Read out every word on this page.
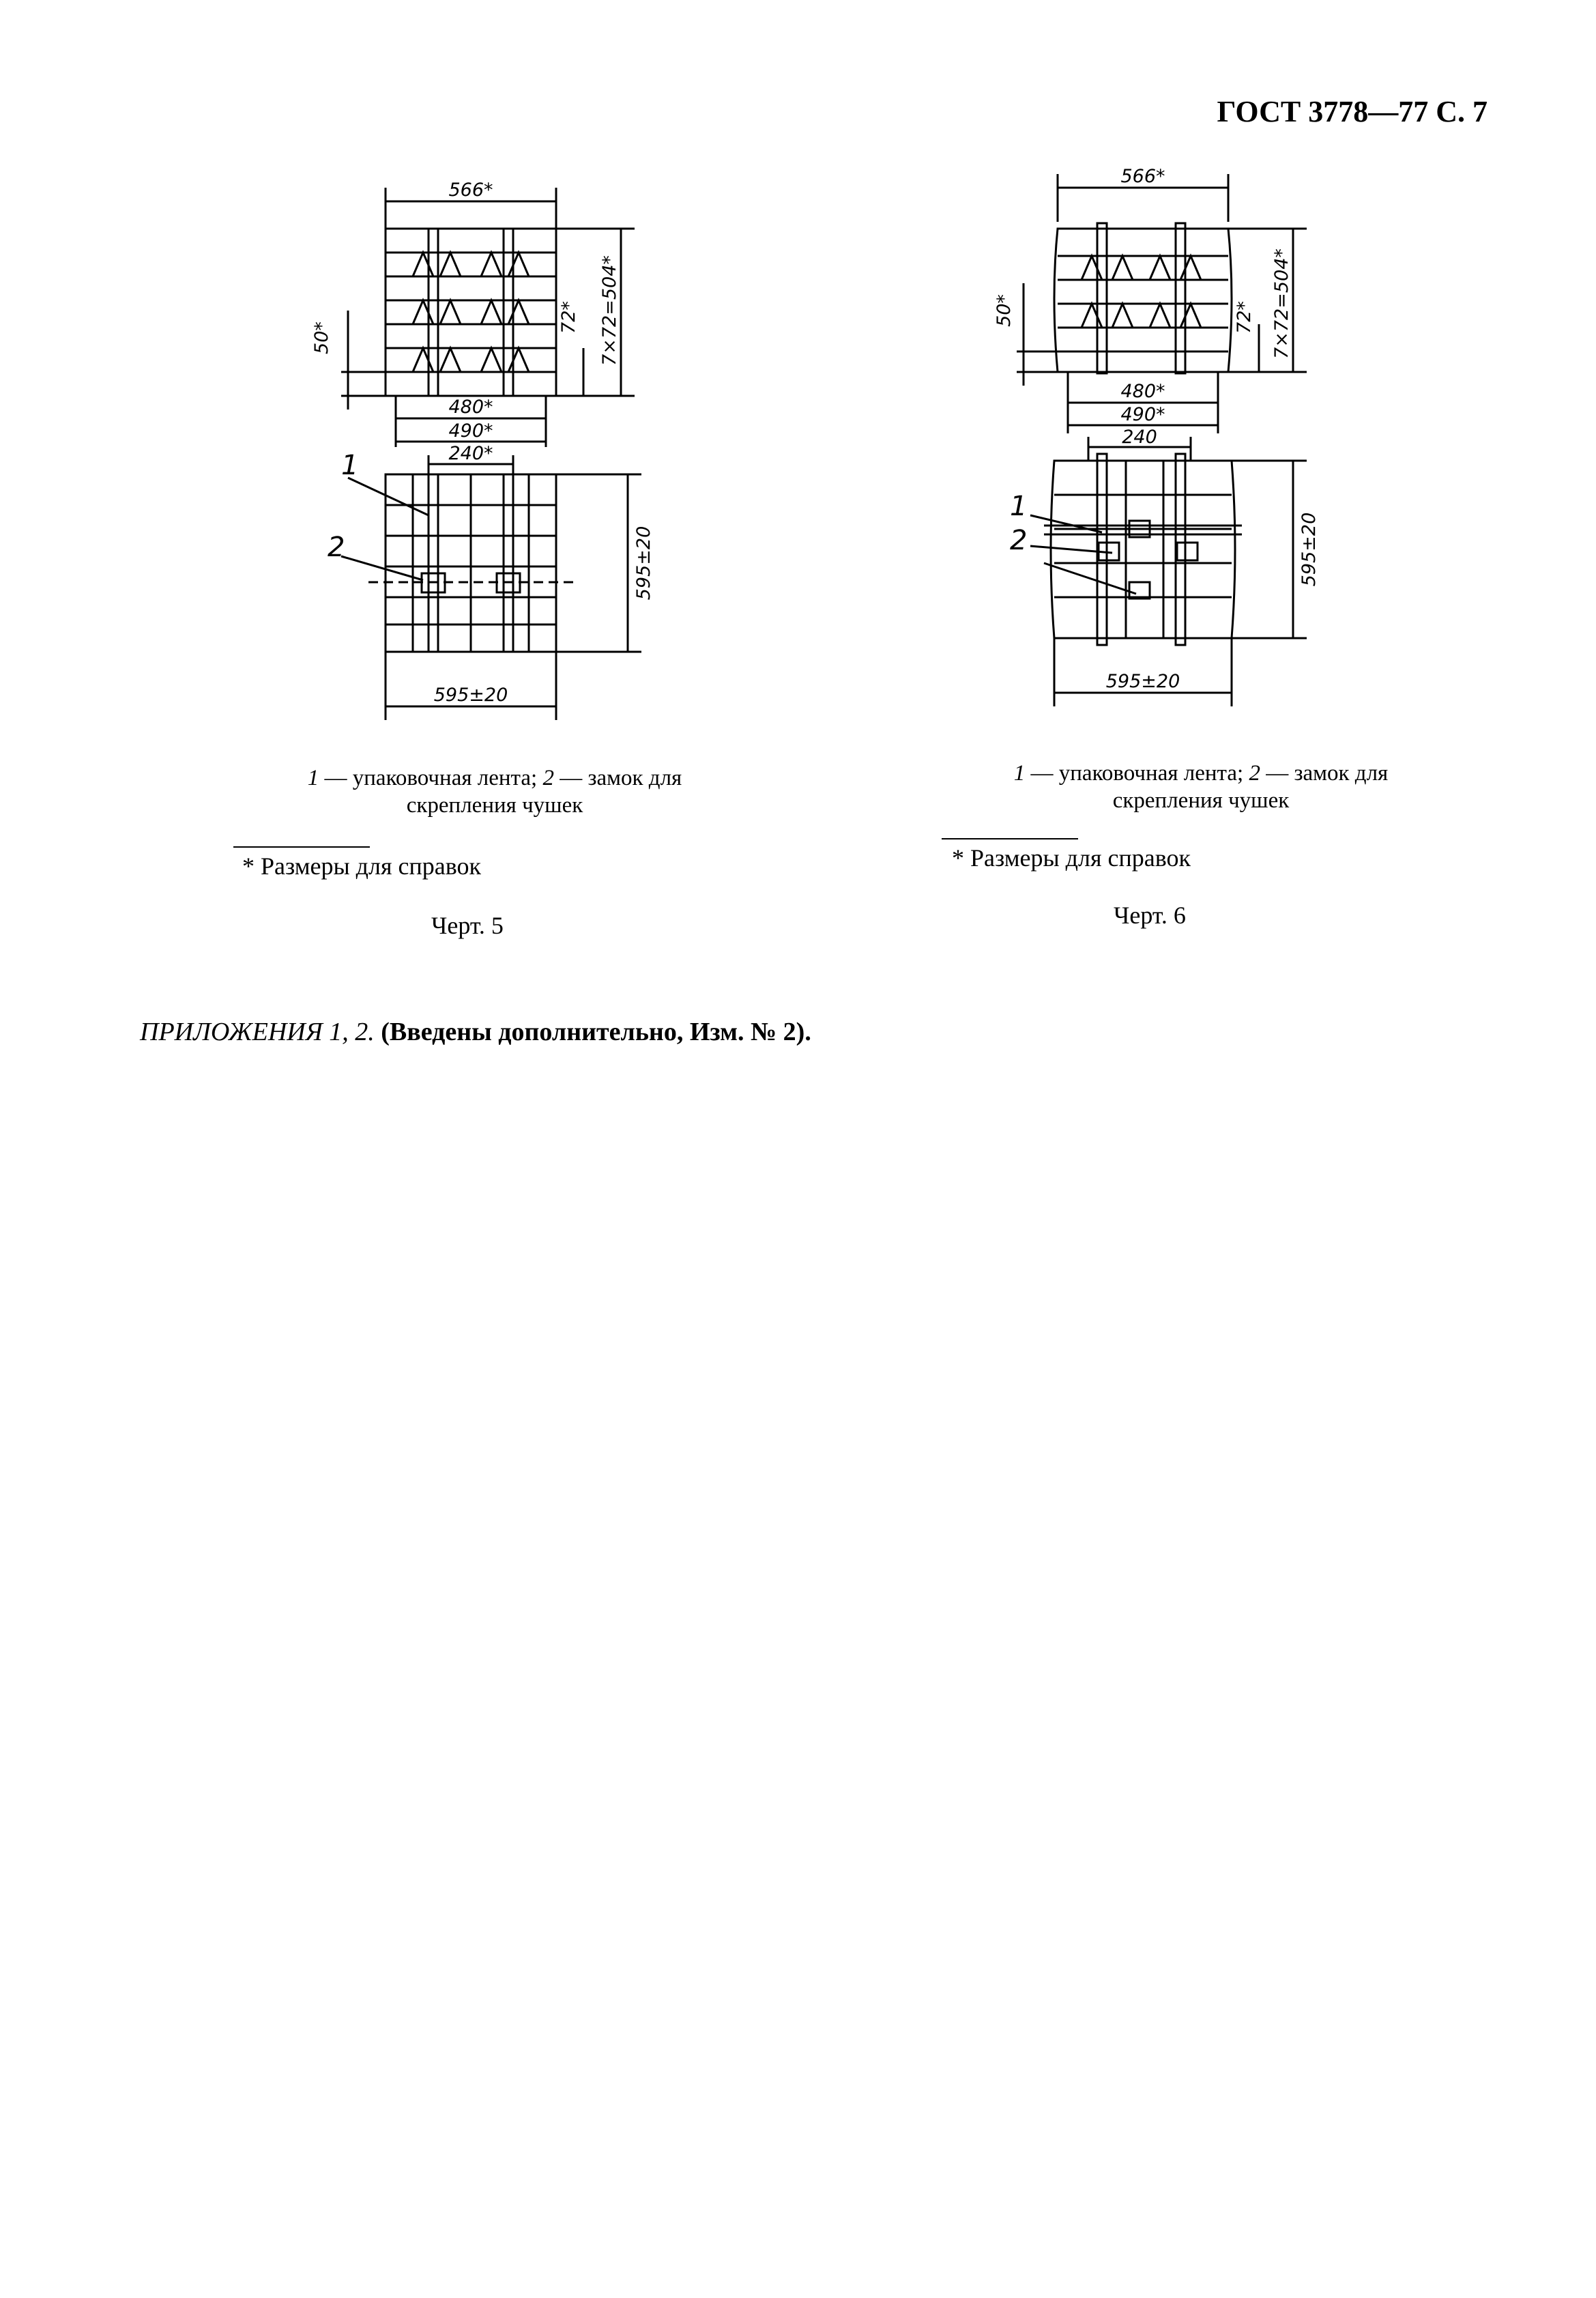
ГОСТ 3778—77 С. 7
566*
50*
72* 7×72=504*
480*
490*
240*
595±20
595±20
1
2
1 — упаковочная лента; 2 — замок для
скрепления чушек
* Размеры для справок
Черт. 5
566*
50*	72* 7×72=504*
480*
490*
240
595±20
595±20
1
2
1 — упаковочная лента; 2 — замок для
скрепления чушек
* Размеры для справок
Черт. 6
ПРИЛОЖЕНИЯ 1, 2. (Введены дополнительно, Изм. № 2).
